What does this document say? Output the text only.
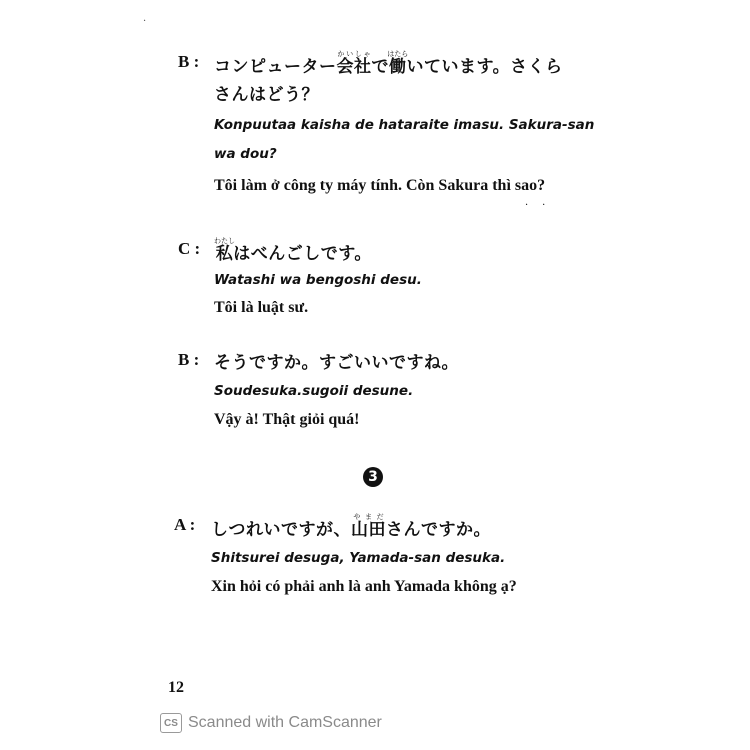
·
B : コンピューター会社かいしゃで働はたらいています。さくら
さんはどう？
Konpuutaa kaisha de hataraite imasu. Sakura-san
wa dou?
Tôi làm ở công ty máy tính. Còn Sakura thì sao?
··
C : 私わたしはべんごしです。
Watashi wa bengoshi desu.
Tôi là luật sư.
B : そうですか。すごいいですね。
Soudesuka.sugoii desune.
Vậy à! Thật giỏi quá!
3
A : しつれいですが、山田やまださんですか。
Shitsurei desuga, Yamada-san desuka.
Xin hỏi có phải anh là anh Yamada không ạ?
12
CS Scanned with CamScanner
